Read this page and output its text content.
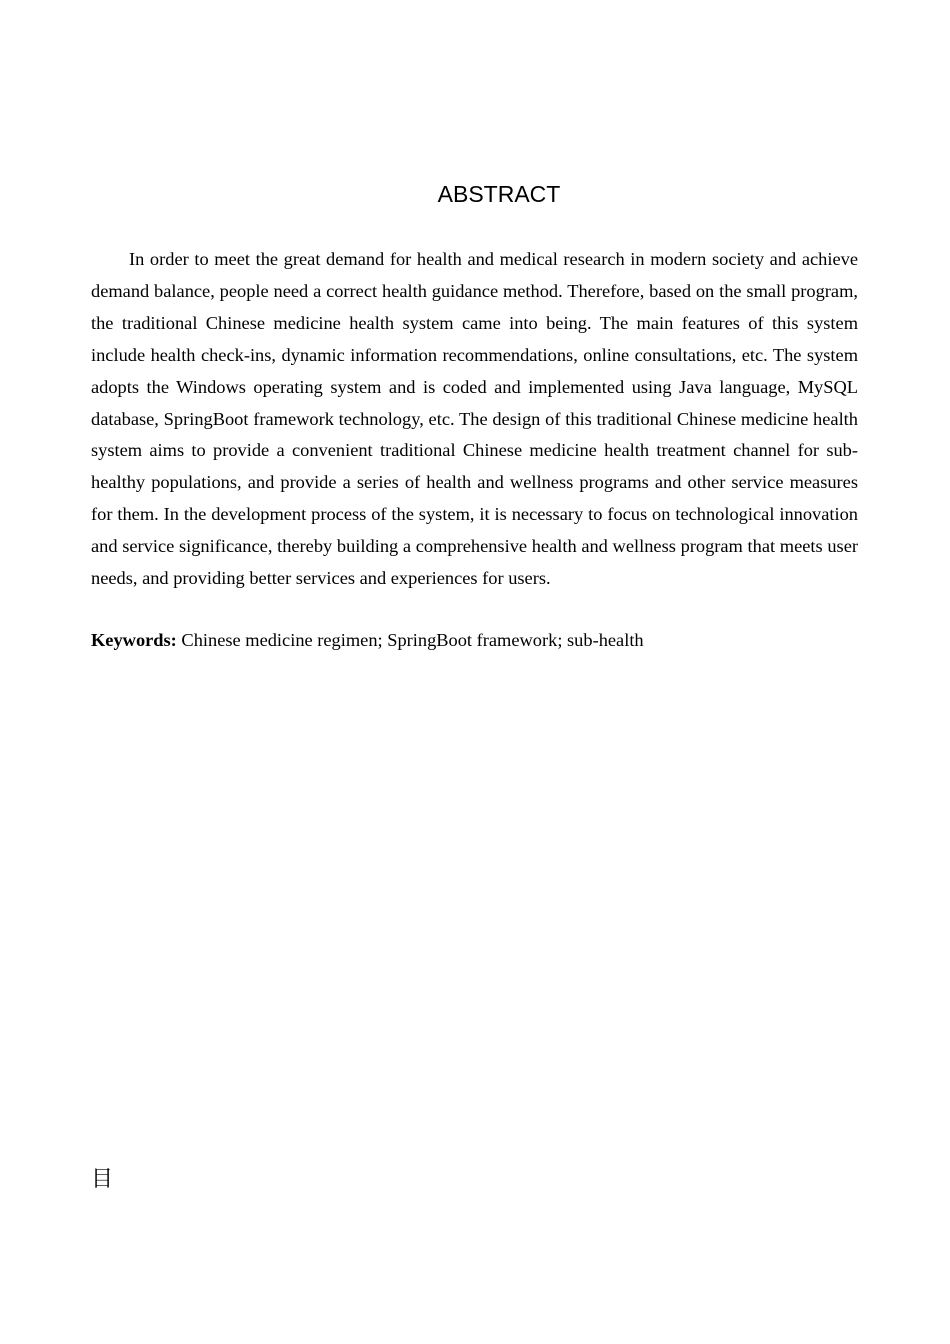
ABSTRACT

In order to meet the great demand for health and medical research in modern society and achieve demand balance, people need a correct health guidance method. Therefore, based on the small program, the traditional Chinese medicine health system came into being. The main features of this system include health check-ins, dynamic information recommendations, online consultations, etc. The system adopts the Windows operating system and is coded and implemented using Java language, MySQL database, SpringBoot framework technology, etc. The design of this traditional Chinese medicine health system aims to provide a convenient traditional Chinese medicine health treatment channel for sub-healthy populations, and provide a series of health and wellness programs and other service measures for them. In the development process of the system, it is necessary to focus on technological innovation and service significance, thereby building a comprehensive health and wellness program that meets user needs, and providing better services and experiences for users.

Keywords: Chinese medicine regimen; SpringBoot framework; sub-health

目
